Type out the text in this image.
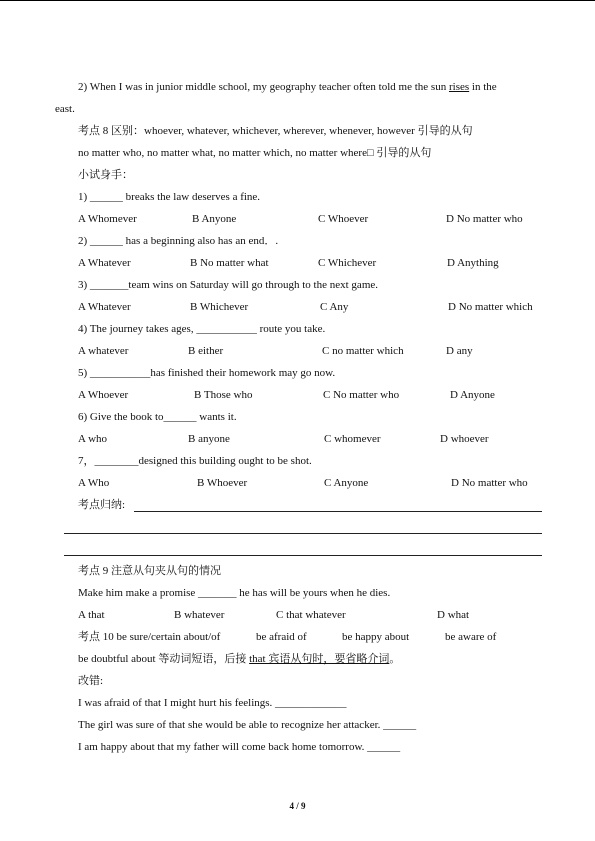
2) When I was in junior middle school, my geography teacher often told me the sun rises in the
east.
考点 8 区别：whoever, whatever, whichever, wherever, whenever, however 引导的从句
no matter who, no matter what, no matter which, no matter where□ 引导的从句
小试身手：
1) ______ breaks the law deserves a fine.
A Whomever	B Anyone	C Whoever	D No matter who
2) ______ has a beginning also has an end．.
A Whatever	B No matter what	C Whichever	D Anything
3) _______team wins on Saturday will go through to the next game.
A Whatever	B Whichever	C Any	D No matter which
4) The journey takes ages, ___________ route you take.
A whatever	B either	C no matter which	D any
5) ___________has finished their homework may go now.
A Whoever	B Those who	C No matter who	D Anyone
6) Give the book to______ wants it.
A who	B anyone	C whomever	D whoever
7，________designed this building ought to be shot.
A Who	B Whoever	C Anyone	D No matter who
考点归纳:
考点 9 注意从句夹从句的情况
Make him make a promise _______ he has will be yours when he dies.
A that	B whatever	C that whatever	D what
考点 10 be sure/certain about/of	be afraid of	be happy about	be aware of
be doubtful about 等动词短语，后接 that 宾语从句时，要省略介词。
改错:
I was afraid of that I might hurt his feelings. _____________
The girl was sure of that she would be able to recognize her attacker. ______
I am happy about that my father will come back home tomorrow. ______
4 / 9
